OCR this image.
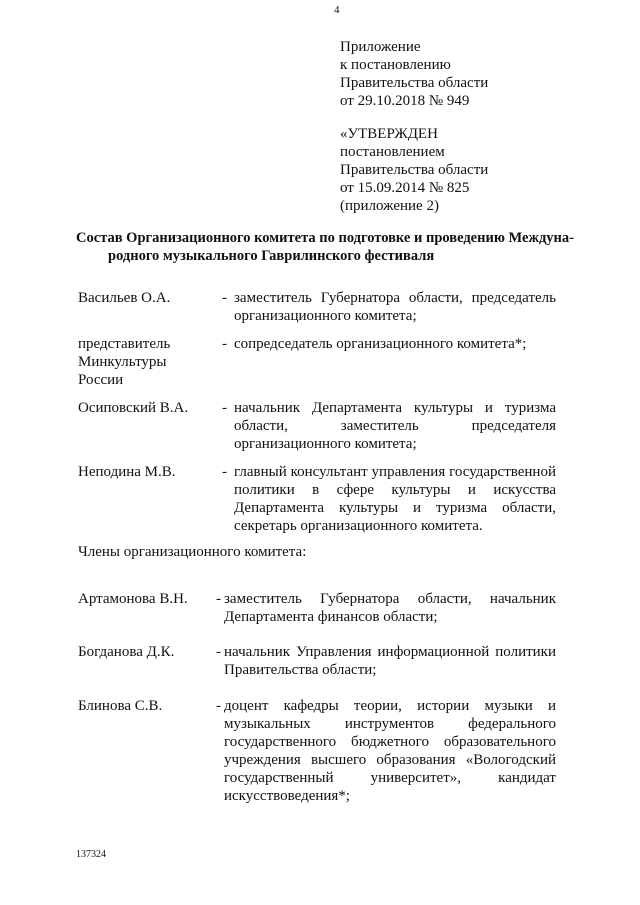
4
Приложение
к постановлению
Правительства области
от 29.10.2018 № 949
«УТВЕРЖДЕН
постановлением
Правительства области
от 15.09.2014 № 825
(приложение 2)
Состав Организационного комитета по подготовке и проведению Междуна-
родного музыкального Гаврилинского фестиваля
Васильев О.А.	- заместитель Губернатора области, председатель организационного комитета;
представитель Минкультуры России
- сопредседатель организационного комитета*;
Осиповский В.А.	- начальник Департамента культуры и туризма области, заместитель председателя организационного комитета;
Неподина М.В.	- главный консультант управления государственной политики в сфере культуры и искусства Департамента культуры и туризма области, секретарь организационного комитета.
Члены организационного комитета:
Артамонова В.Н.	- заместитель Губернатора области, начальник Департамента финансов области;
Богданова Д.К.	- начальник Управления информационной политики Правительства области;
Блинова С.В.	- доцент кафедры теории, истории музыки и музыкальных инструментов федерального государственного бюджетного образовательного учреждения высшего образования «Вологодский государственный университет», кандидат искусствоведения*;
137324
